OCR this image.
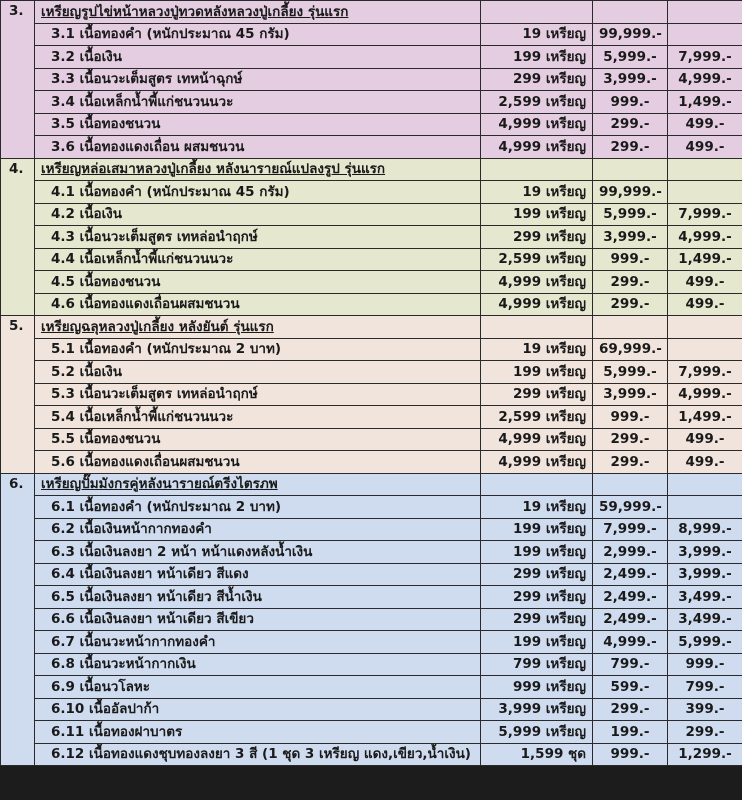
3.	เหรียญรูปไข่หน้าหลวงปู่ทวดหลังหลวงปู่เกลี้ยง รุ่นแรก			
	3.1 เนื้อทองคำ (หนักประมาณ 45 กรัม)	19 เหรียญ	99,999.-	
	3.2 เนื้อเงิน	199 เหรียญ	5,999.-	7,999.-
	3.3 เนื้อนวะเต็มสูตร เทหน้าฉุกษ์	299 เหรียญ	3,999.-	4,999.-
	3.4 เนื้อเหล็กน้ำพี้แก่ชนวนนวะ	2,599 เหรียญ	999.-	1,499.-
	3.5 เนื้อทองชนวน	4,999 เหรียญ	299.-	499.-
	3.6 เนื้อทองแดงเถื่อน ผสมชนวน	4,999 เหรียญ	299.-	499.-
4.	เหรียญหล่อเสมาหลวงปู่เกลี้ยง หลังนารายณ์แปลงรูป รุ่นแรก			
	4.1 เนื้อทองคำ (หนักประมาณ 45 กรัม)	19 เหรียญ	99,999.-	
	4.2 เนื้อเงิน	199 เหรียญ	5,999.-	7,999.-
	4.3 เนื้อนวะเต็มสูตร เทหล่อนำฤกษ์	299 เหรียญ	3,999.-	4,999.-
	4.4 เนื้อเหล็กน้ำพี้แก่ชนวนนวะ	2,599 เหรียญ	999.-	1,499.-
	4.5 เนื้อทองชนวน	4,999 เหรียญ	299.-	499.-
	4.6 เนื้อทองแดงเถื่อนผสมชนวน	4,999 เหรียญ	299.-	499.-
5.	เหรียญฉลุหลวงปู่เกลี้ยง หลังยันต์ รุ่นแรก			
	5.1 เนื้อทองคำ (หนักประมาณ 2 บาท)	19 เหรียญ	69,999.-	
	5.2 เนื้อเงิน	199 เหรียญ	5,999.-	7,999.-
	5.3 เนื้อนวะเต็มสูตร เทหล่อนำฤกษ์	299 เหรียญ	3,999.-	4,999.-
	5.4 เนื้อเหล็กน้ำพี้แก่ชนวนนวะ	2,599 เหรียญ	999.-	1,499.-
	5.5 เนื้อทองชนวน	4,999 เหรียญ	299.-	499.-
	5.6 เนื้อทองแดงเถื่อนผสมชนวน	4,999 เหรียญ	299.-	499.-
6.	เหรียญปั๊มมังกรคู่หลังนารายณ์ตรีงไตรภพ			
	6.1 เนื้อทองคำ (หนักประมาณ 2 บาท)	19 เหรียญ	59,999.-	
	6.2 เนื้อเงินหน้ากากทองคำ	199 เหรียญ	7,999.-	8,999.-
	6.3 เนื้อเงินลงยา 2 หน้า หน้าแดงหลังน้ำเงิน	199 เหรียญ	2,999.-	3,999.-
	6.4 เนื้อเงินลงยา หน้าเดียว สีแดง	299 เหรียญ	2,499.-	3,999.-
	6.5 เนื้อเงินลงยา หน้าเดียว สีน้ำเงิน	299 เหรียญ	2,499.-	3,499.-
	6.6 เนื้อเงินลงยา หน้าเดียว สีเขียว	299 เหรียญ	2,499.-	3,499.-
	6.7 เนื้อนวะหน้ากากทองคำ	199 เหรียญ	4,999.-	5,999.-
	6.8 เนื้อนวะหน้ากากเงิน	799 เหรียญ	799.-	999.-
	6.9 เนื้อนวโลหะ	999 เหรียญ	599.-	799.-
	6.10 เนื้ออัลปาก้า	3,999 เหรียญ	299.-	399.-
	6.11 เนื้อทองฝาบาตร	5,999 เหรียญ	199.-	299.-
	6.12 เนื้อทองแดงชุบทองลงยา 3 สี (1 ชุด 3 เหรียญ แดง,เขียว,น้ำเงิน)	1,599 ชุด	999.-	1,299.-
